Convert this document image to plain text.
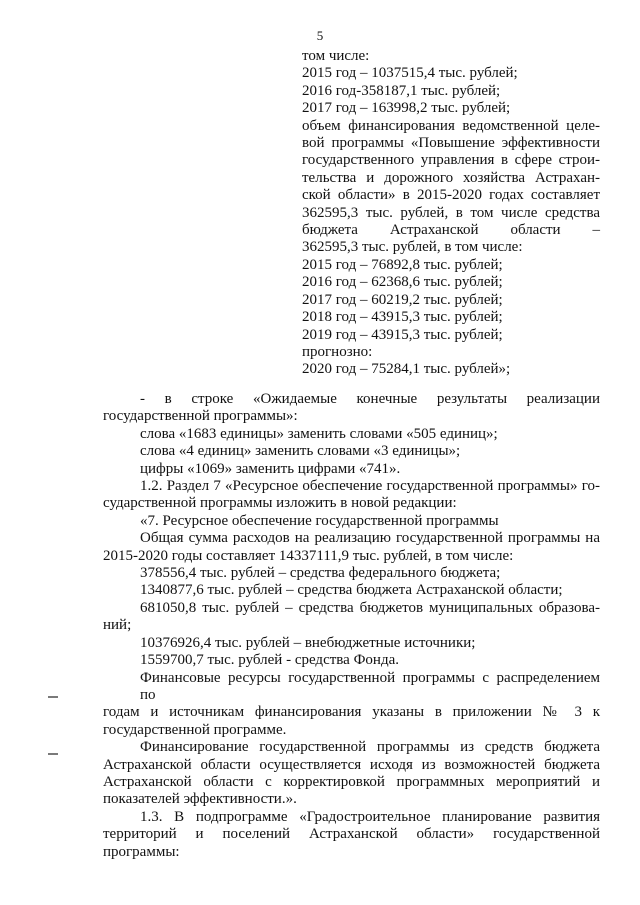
5
том числе:
2015 год – 1037515,4 тыс. рублей;
2016 год-358187,1 тыс. рублей;
2017 год – 163998,2 тыс. рублей;
объем финансирования ведомственной целе-
вой программы «Повышение эффективности
государственного управления в сфере строи-
тельства и дорожного хозяйства Астрахан-
ской области» в 2015-2020 годах составляет
362595,3 тыс. рублей, в том числе средства
бюджета Астраханской области –
362595,3 тыс. рублей, в том числе:
2015 год – 76892,8 тыс. рублей;
2016 год – 62368,6 тыс. рублей;
2017 год – 60219,2 тыс. рублей;
2018 год – 43915,3 тыс. рублей;
2019 год – 43915,3 тыс. рублей;
прогнозно:
2020 год – 75284,1 тыс. рублей»;
- в строке «Ожидаемые конечные результаты реализации
государственной программы»:
слова «1683 единицы» заменить словами «505 единиц»;
слова «4 единиц» заменить словами «3 единицы»;
цифры «1069» заменить цифрами «741».
1.2. Раздел 7 «Ресурсное обеспечение государственной программы» го-
сударственной программы изложить в новой редакции:
«7. Ресурсное обеспечение государственной программы
Общая сумма расходов на реализацию государственной программы на
2015-2020 годы составляет 14337111,9 тыс. рублей, в том числе:
378556,4 тыс. рублей – средства федерального бюджета;
1340877,6 тыс. рублей – средства бюджета Астраханской области;
681050,8 тыс. рублей – средства бюджетов муниципальных образова-
ний;
10376926,4 тыс. рублей – внебюджетные источники;
1559700,7 тыс. рублей - средства Фонда.
Финансовые ресурсы государственной программы с распределением по
годам и источникам финансирования указаны в приложении № 3 к
государственной программе.
Финансирование государственной программы из средств бюджета
Астраханской области осуществляется исходя из возможностей бюджета
Астраханской области с корректировкой программных мероприятий и
показателей эффективности.».
1.3. В подпрограмме «Градостроительное планирование развития
территорий и поселений Астраханской области» государственной
программы:
